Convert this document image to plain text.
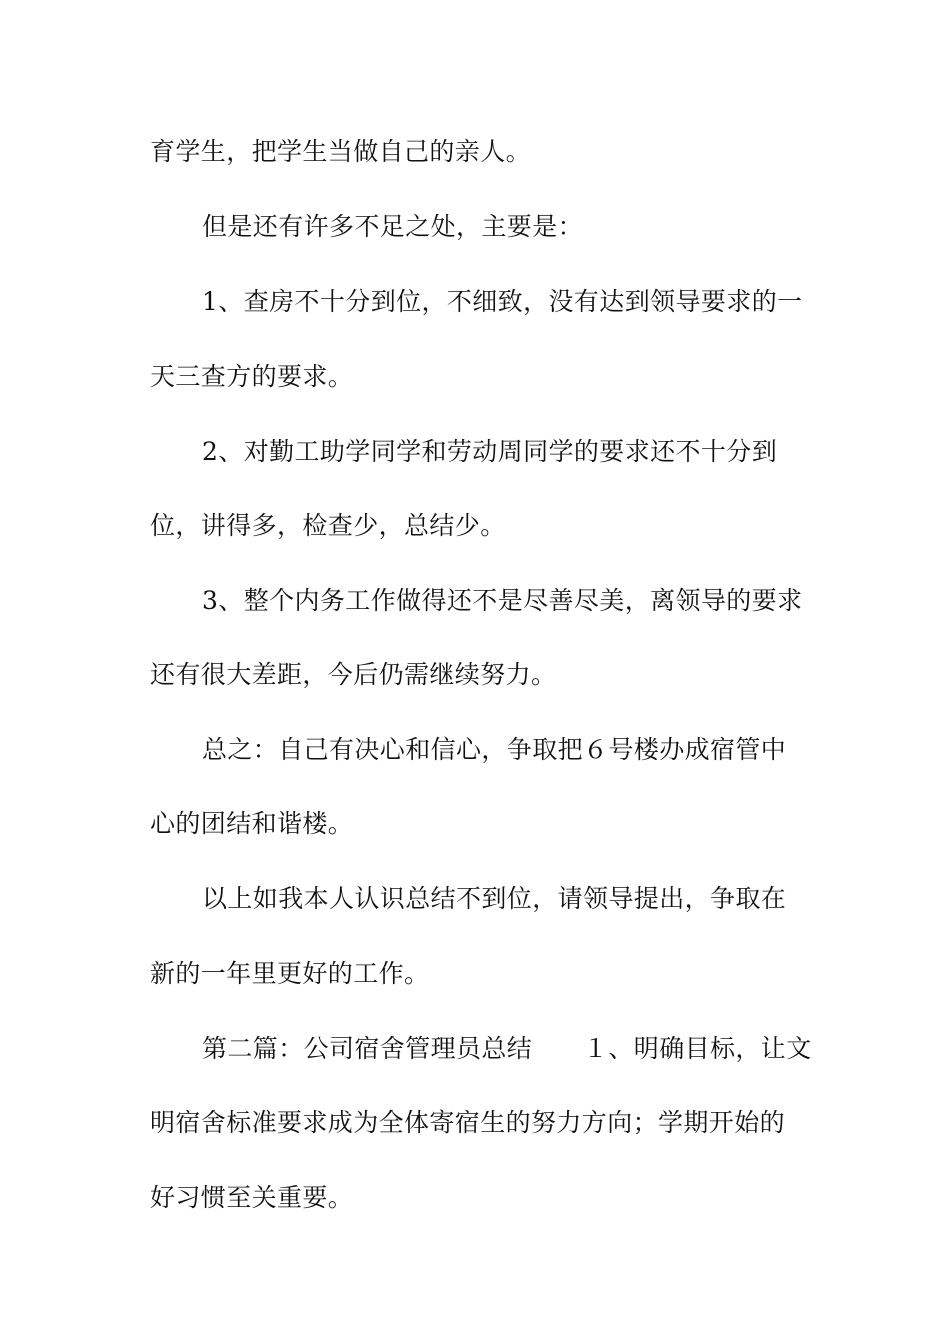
育学生，把学生当做自己的亲人。
但是还有许多不足之处，主要是：
1、查房不十分到位，不细致，没有达到领导要求的一
天三查方的要求。
2、对勤工助学同学和劳动周同学的要求还不十分到
位，讲得多，检查少，总结少。
3、整个内务工作做得还不是尽善尽美，离领导的要求
还有很大差距，今后仍需继续努力。
总之：自己有决心和信心，争取把６号楼办成宿管中
心的团结和谐楼。
以上如我本人认识总结不到位，请领导提出，争取在
新的一年里更好的工作。
第二篇：公司宿舍管理员总结　　１、明确目标，让文
明宿舍标准要求成为全体寄宿生的努力方向；学期开始的
好习惯至关重要。
